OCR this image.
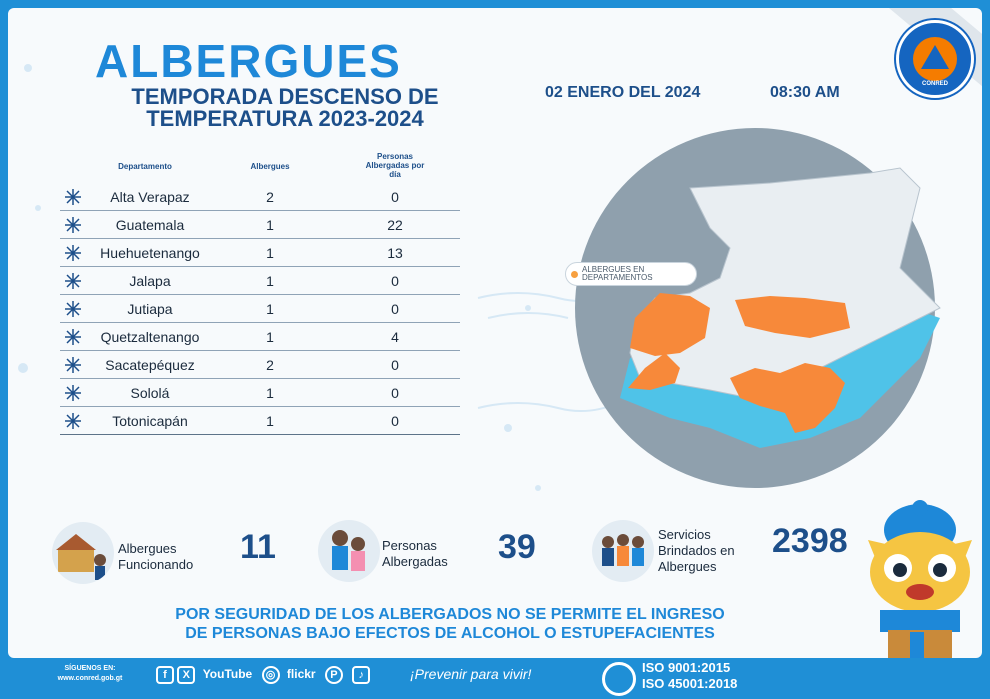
CONRED
ALBERGUES
TEMPORADA DESCENSO DE
TEMPERATURA 2023-2024
02 ENERO DEL 2024	08:30 AM
Departamento	Albergues
Personas Albergadas por día
Alta Verapaz	2	0
Guatemala	1	22
Huehuetenango	1	13
Jalapa	1	0
Jutiapa	1	0
Quetzaltenango	1	4
Sacatepéquez	2	0
Sololá	1	0
Totonicapán	1	0
ALBERGUES EN DEPARTAMENTOS
Albergues
Funcionando 11	Personas
Albergadas 39	Servicios
Brindados en
Albergues
2398
POR SEGURIDAD DE LOS ALBERGADOS NO SE PERMITE EL INGRESO
DE PERSONAS BAJO EFECTOS DE ALCOHOL O ESTUPEFACIENTES
SÍGUENOS EN:
www.conred.gob.gt	f X YouTube ◎ flickr P ♪	¡Prevenir para vivir!	ISO 9001:2015
ISO 45001:2018
